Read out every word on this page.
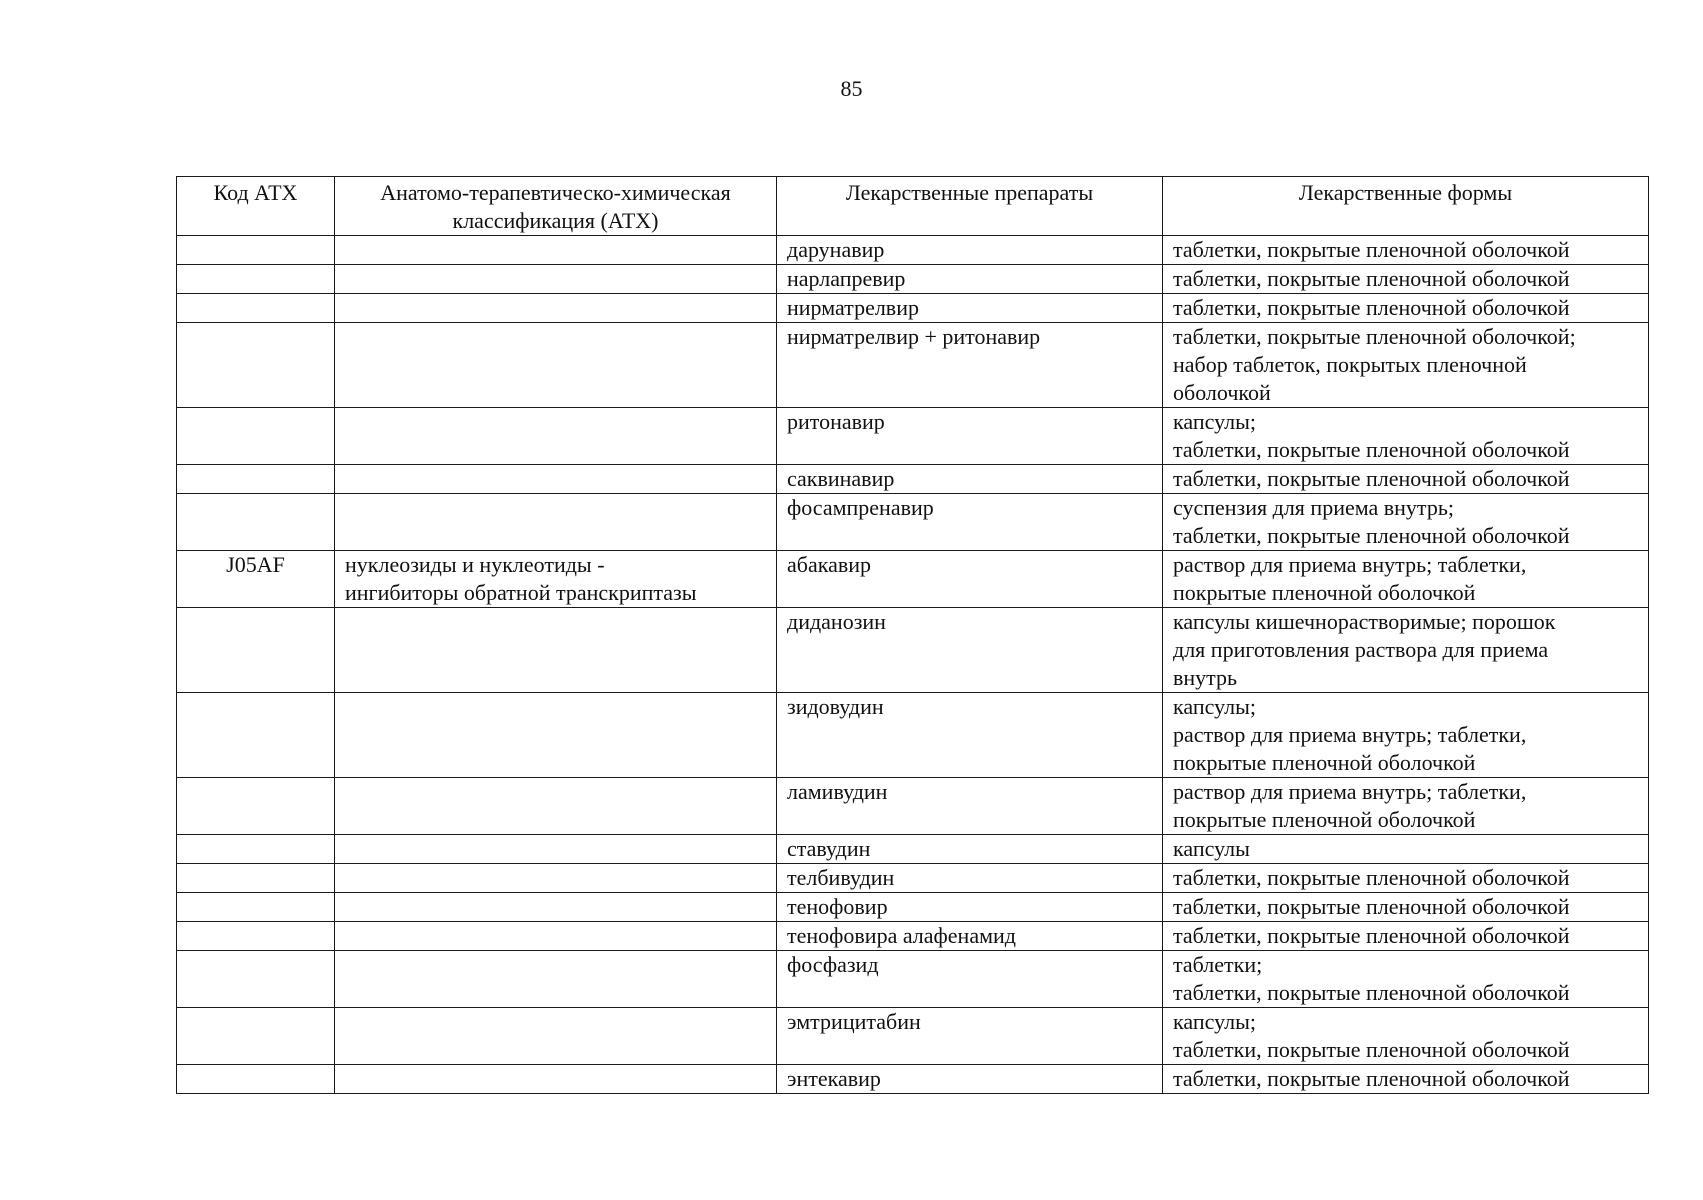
85
Код АТХ	Анатомо-терапевтическо-химическая классификация (АТХ)	Лекарственные препараты	Лекарственные формы
		дарунавир	таблетки, покрытые пленочной оболочкой
		нарлапревир	таблетки, покрытые пленочной оболочкой
		нирматрелвир	таблетки, покрытые пленочной оболочкой
		нирматрелвир + ритонавир	таблетки, покрытые пленочной оболочкой;
набор таблеток, покрытых пленочной
оболочкой
		ритонавир	капсулы;
таблетки, покрытые пленочной оболочкой
		саквинавир	таблетки, покрытые пленочной оболочкой
		фосампренавир	суспензия для приема внутрь;
таблетки, покрытые пленочной оболочкой
J05AF	нуклеозиды и нуклеотиды -
ингибиторы обратной транскриптазы	абакавир	раствор для приема внутрь; таблетки,
покрытые пленочной оболочкой
		диданозин	капсулы кишечнорастворимые; порошок
для приготовления раствора для приема
внутрь
		зидовудин	капсулы;
раствор для приема внутрь; таблетки,
покрытые пленочной оболочкой
		ламивудин	раствор для приема внутрь; таблетки,
покрытые пленочной оболочкой
		ставудин	капсулы
		телбивудин	таблетки, покрытые пленочной оболочкой
		тенофовир	таблетки, покрытые пленочной оболочкой
		тенофовира алафенамид	таблетки, покрытые пленочной оболочкой
		фосфазид	таблетки;
таблетки, покрытые пленочной оболочкой
		эмтрицитабин	капсулы;
таблетки, покрытые пленочной оболочкой
		энтекавир	таблетки, покрытые пленочной оболочкой
